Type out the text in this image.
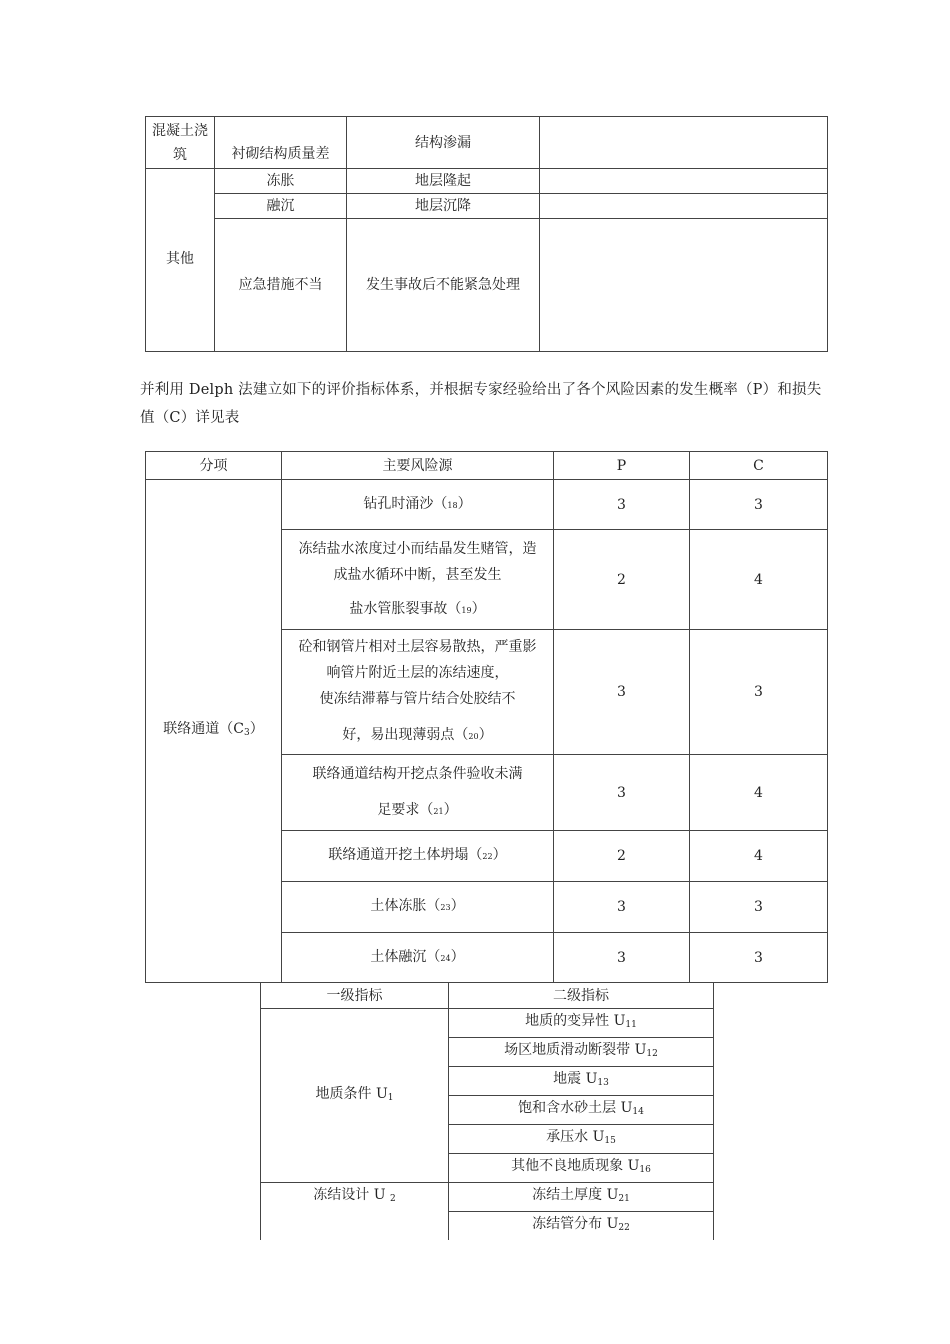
混凝土浇
筑	衬砌结构质量差	结构渗漏	
其他	冻胀	地层隆起	
	融沉	地层沉降	
	应急措施不当	发生事故后不能紧急处理	
并利用 Delph 法建立如下的评价指标体系，并根据专家经验给出了各个风险因素的发生概率（P）和损失值（C）详见表
分项	主要风险源	P	C
联络通道（C3）	钻孔时涌沙（18）	3	3

	冻结盐水浓度过小而结晶发生赌管，造
成盐水循环中断，甚至发生
盐水管胀裂事故（19）	2	4

	砼和钢管片相对土层容易散热，严重影
响管片附近土层的冻结速度，
使冻结滞幕与管片结合处胶结不
好，易出现薄弱点（20）	3	3

	联络通道结构开挖点条件验收未满
足要求（21）	3	4
	联络通道开挖土体坍塌（22）	2	4
	土体冻胀（23）	3	3
	土体融沉（24）	3	3
一级指标	二级指标
地质条件 U1	地质的变异性 U11
	场区地质滑动断裂带 U12
	地震 U13
	饱和含水砂土层 U14
	承压水 U15
	其他不良地质现象 U16
冻结设计 U 2	冻结土厚度 U21
	冻结管分布 U22
